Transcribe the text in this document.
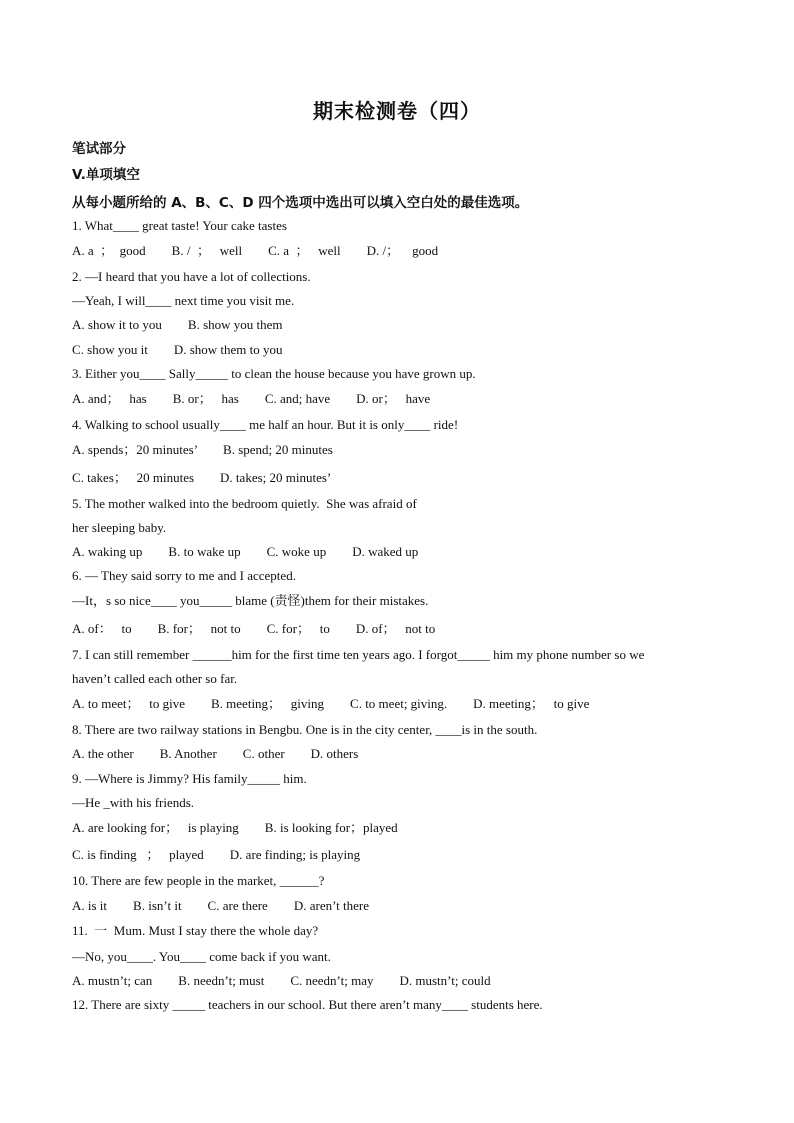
期末检测卷（四）
笔试部分
V.单项填空
从每小题所给的 A、B、C、D 四个选项中选出可以填入空白处的最佳选项。
1. What____ great taste! Your cake tastes
A. a  ；  good        B. /  ；   well        C. a  ；   well        D. /；    good
2. —I heard that you have a lot of collections.
—Yeah, I will____ next time you visit me.
A. show it to you        B. show you them
C. show you it        D. show them to you
3. Either you____ Sally_____ to clean the house because you have grown up.
A. and；   has        B. or；   has        C. and; have        D. or；   have
4. Walking to school usually____ me half an hour. But it is only____ ride!
A. spends；20 minutes’        B. spend; 20 minutes
C. takes；   20 minutes        D. takes; 20 minutes’
5. The mother walked into the bedroom quietly.  She was afraid of
her sleeping baby.
A. waking up        B. to wake up        C. woke up        D. waked up
6. — They said sorry to me and I accepted.
—It，s so nice____ you_____ blame (责怪)them for their mistakes.
A. of：   to        B. for；   not to        C. for；   to        D. of；   not to
7. I can still remember ______him for the first time ten years ago. I forgot_____ him my phone number so we
haven’t called each other so far.
A. to meet；   to give        B. meeting；   giving        C. to meet; giving.        D. meeting；   to give
8. There are two railway stations in Bengbu. One is in the city center, ____is in the south.
A. the other        B. Another        C. other        D. others
9. —Where is Jimmy? His family_____ him.
—He _with his friends.
A. are looking for；   is playing        B. is looking for；played
C. is finding   ；   played        D. are finding; is playing
10. There are few people in the market, ______?
A. is it        B. isn’t it        C. are there        D. aren’t there
11.  一  Mum. Must I stay there the whole day?
—No, you____. You____ come back if you want.
A. mustn’t; can        B. needn’t; must        C. needn’t; may        D. mustn’t; could
12. There are sixty _____ teachers in our school. But there aren’t many____ students here.
